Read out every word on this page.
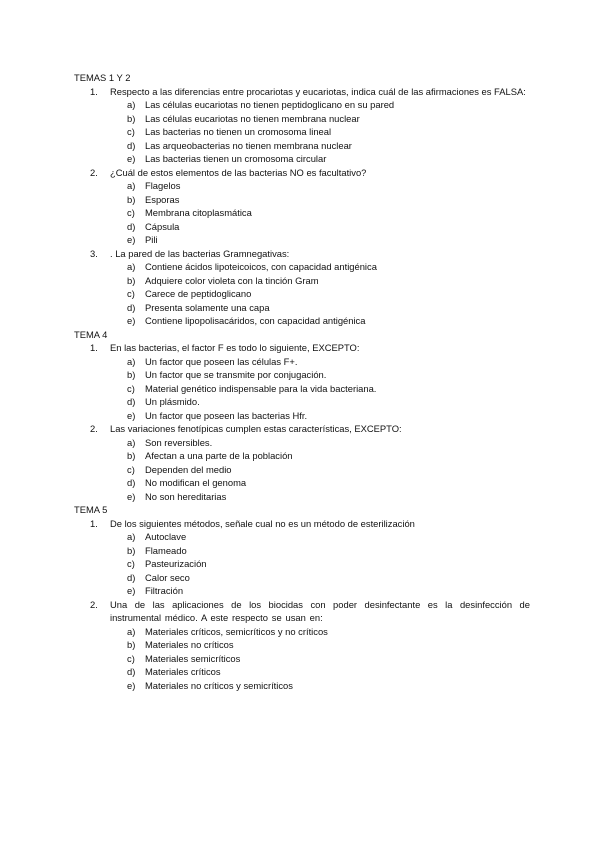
TEMAS 1 Y 2
Respecto a las diferencias entre procariotas y eucariotas, indica cuál de las afirmaciones es FALSA:
1.
a) Las células eucariotas no tienen peptidoglicano en su pared
b) Las células eucariotas no tienen membrana nuclear
c) Las bacterias no tienen un cromosoma lineal
d) Las arqueobacterias no tienen membrana nuclear
e) Las bacterias tienen un cromosoma circular
¿Cuál de estos elementos de las bacterias NO es facultativo?
2.
a) Flagelos
b) Esporas
c) Membrana citoplasmática
d) Cápsula
e) Pili
. La pared de las bacterias Gramnegativas:
3.
a) Contiene ácidos lipoteicoicos, con capacidad antigénica
b) Adquiere color violeta con la tinción Gram
c) Carece de peptidoglicano
d) Presenta solamente una capa
e) Contiene lipopolisacáridos, con capacidad antigénica
TEMA 4
En las bacterias, el factor F es todo lo siguiente, EXCEPTO:
1.
a) Un factor que poseen las células F+.
b) Un factor que se transmite por conjugación.
c) Material genético indispensable para la vida bacteriana.
d) Un plásmido.
e) Un factor que poseen las bacterias Hfr.
Las variaciones fenotípicas cumplen estas características, EXCEPTO:
2.
a) Son reversibles.
b) Afectan a una parte de la población
c) Dependen del medio
d) No modifican el genoma
e) No son hereditarias
TEMA 5
De los siguientes métodos, señale cual no es un método de esterilización
1.
a) Autoclave
b) Flameado
c) Pasteurización
d) Calor seco
e) Filtración
Una de las aplicaciones de los biocidas con poder desinfectante es la desinfección de instrumental médico. A este respecto se usan en:
2.
a) Materiales críticos, semicríticos y no críticos
b) Materiales no críticos
c) Materiales semicríticos
d) Materiales críticos
e) Materiales no críticos y semicríticos
